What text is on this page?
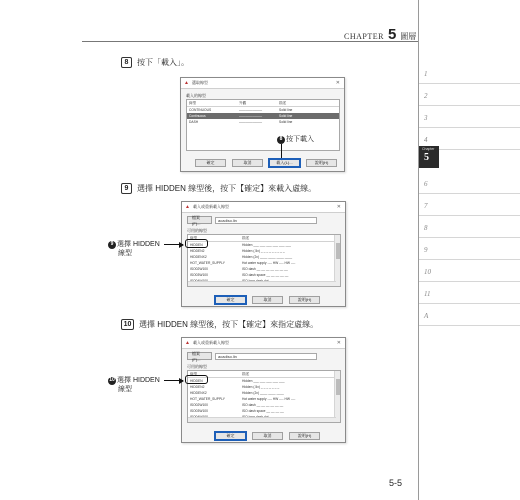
CHAPTER 5 圖層
1
2
3
4
Chapter
5
6
7
8
9
10
11
A
8	按下「載入」。
▲ 選取線型	✕
載入的線型
線型	外觀	描述
CONTINUOUS	———————	Solid line
Continuous	———————	Solid line
DASH	———————	Solid line
確定	取消	載入(L)...	說明(H)
8 按下載入
9	選擇 HIDDEN 線型後，按下【確定】來載入虛線。
▲ 載入或重新載入線型	✕
檔案(F)...
acadiso.lin
可用的線型
線型	描述
HIDDEN	Hidden ___ ___ ___ ___ ___ ___
HIDDEN2	Hidden (.5x) _ _ _ _ _ _ _ _ _
HIDDENX2	Hidden (2x) ____ ____ ____ ____
HOT_WATER_SUPPLY	Hot water supply ---- HW ---- HW ----
ISO02W100	ISO dash __ __ __ __ __ __ __
ISO03W100	ISO dash space __ __ __ __ __
確定	取消	說明(H)
9 選擇 HIDDEN
線型
10 選擇 HIDDEN 線型後，按下【確定】來指定虛線。
▲ 載入或重新載入線型	✕
檔案(F)...
acadiso.lin
可用的線型
線型	描述
HIDDEN	Hidden ___ ___ ___ ___ ___
HIDDEN2	Hidden (.5x) _ _ _ _ _ _ _
HIDDENX2	Hidden (2x) ____ ____ ____
HOT_WATER_SUPPLY	Hot water supply ---- HW ---- HW ----
ISO02W100	ISO dash __ __ __ __ __ __
ISO03W100	ISO dash space __ __ __ __
確定	取消	說明(H)
10 選擇 HIDDEN
線型
5-5
